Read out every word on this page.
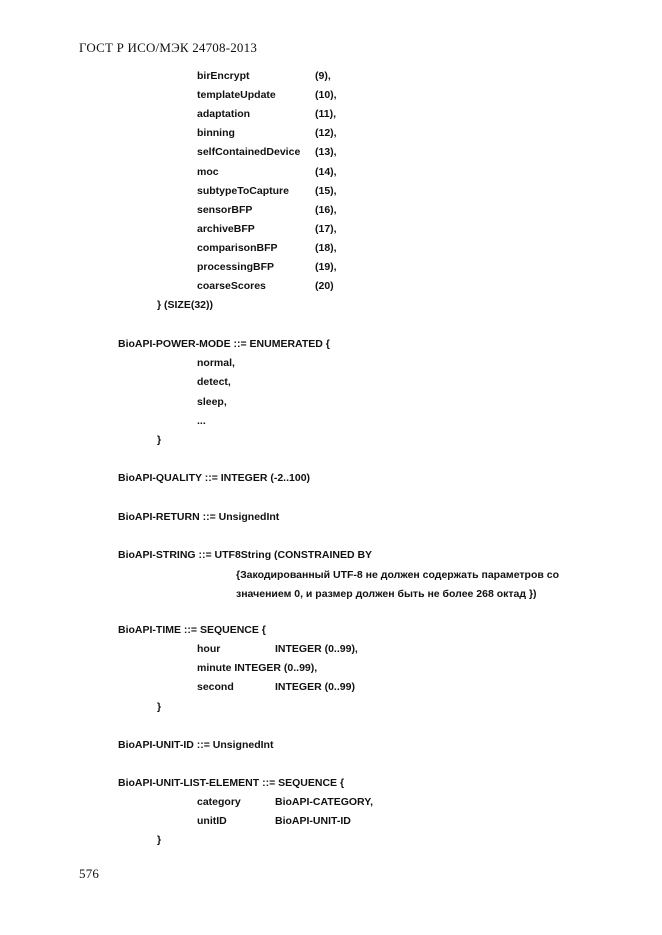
ГОСТ Р ИСО/МЭК 24708-2013
birEncrypt	(9),
templateUpdate	(10),
adaptation	(11),
binning	(12),
selfContainedDevice (13),
moc	(14),
subtypeToCapture (15),
sensorBFP	(16),
archiveBFP	(17),
comparisonBFP	(18),
processingBFP	(19),
coarseScores	(20)
} (SIZE(32))
BioAPI-POWER-MODE ::= ENUMERATED {
normal,
detect,
sleep,
...
}
BioAPI-QUALITY ::= INTEGER (-2..100)
BioAPI-RETURN ::= UnsignedInt
BioAPI-STRING ::= UTF8String (CONSTRAINED BY
{Закодированный UTF-8 не должен содержать параметров со
значением 0, и размер должен быть не более 268 октад })
BioAPI-TIME ::= SEQUENCE {
hour	INTEGER (0..99),
minute INTEGER (0..99),
second	INTEGER (0..99)
}
BioAPI-UNIT-ID ::= UnsignedInt
BioAPI-UNIT-LIST-ELEMENT ::= SEQUENCE {
category	BioAPI-CATEGORY,
unitID	BioAPI-UNIT-ID
}
576
